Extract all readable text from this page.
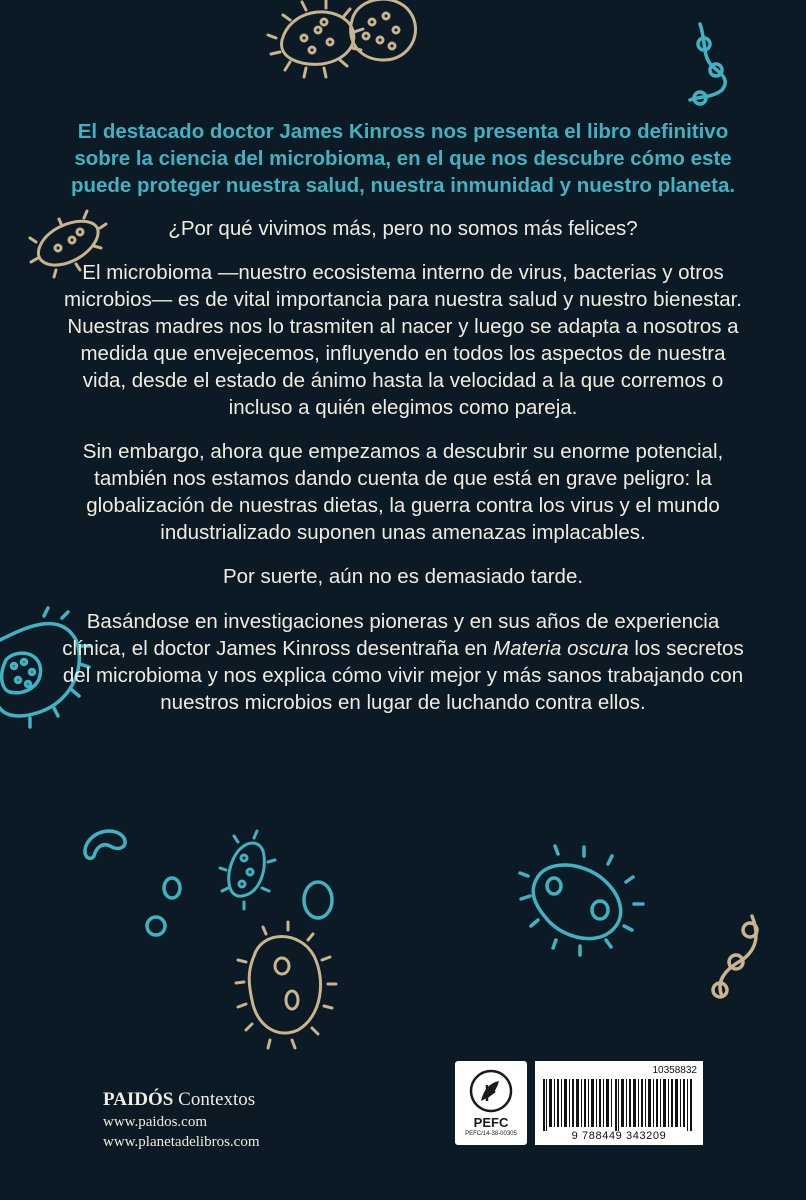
El destacado doctor James Kinross nos presenta el libro definitivo sobre la ciencia del microbioma, en el que nos descubre cómo este puede proteger nuestra salud, nuestra inmunidad y nuestro planeta.

¿Por qué vivimos más, pero no somos más felices?

El microbioma —nuestro ecosistema interno de virus, bacterias y otros microbios— es de vital importancia para nuestra salud y nuestro bienestar. Nuestras madres nos lo trasmiten al nacer y luego se adapta a nosotros a medida que envejecemos, influyendo en todos los aspectos de nuestra vida, desde el estado de ánimo hasta la velocidad a la que corremos o incluso a quién elegimos como pareja.

Sin embargo, ahora que empezamos a descubrir su enorme potencial, también nos estamos dando cuenta de que está en grave peligro: la globalización de nuestras dietas, la guerra contra los virus y el mundo industrializado suponen unas amenazas implacables.

Por suerte, aún no es demasiado tarde.

Basándose en investigaciones pioneras y en sus años de experiencia clínica, el doctor James Kinross desentraña en Materia oscura los secretos del microbioma y nos explica cómo vivir mejor y más sanos trabajando con nuestros microbios en lugar de luchando contra ellos.

PAIDÓS Contextos
www.paidos.com
www.planetadelibros.com
PEFC
PEFC/14-38-00305
10358832
9 788449 343209
